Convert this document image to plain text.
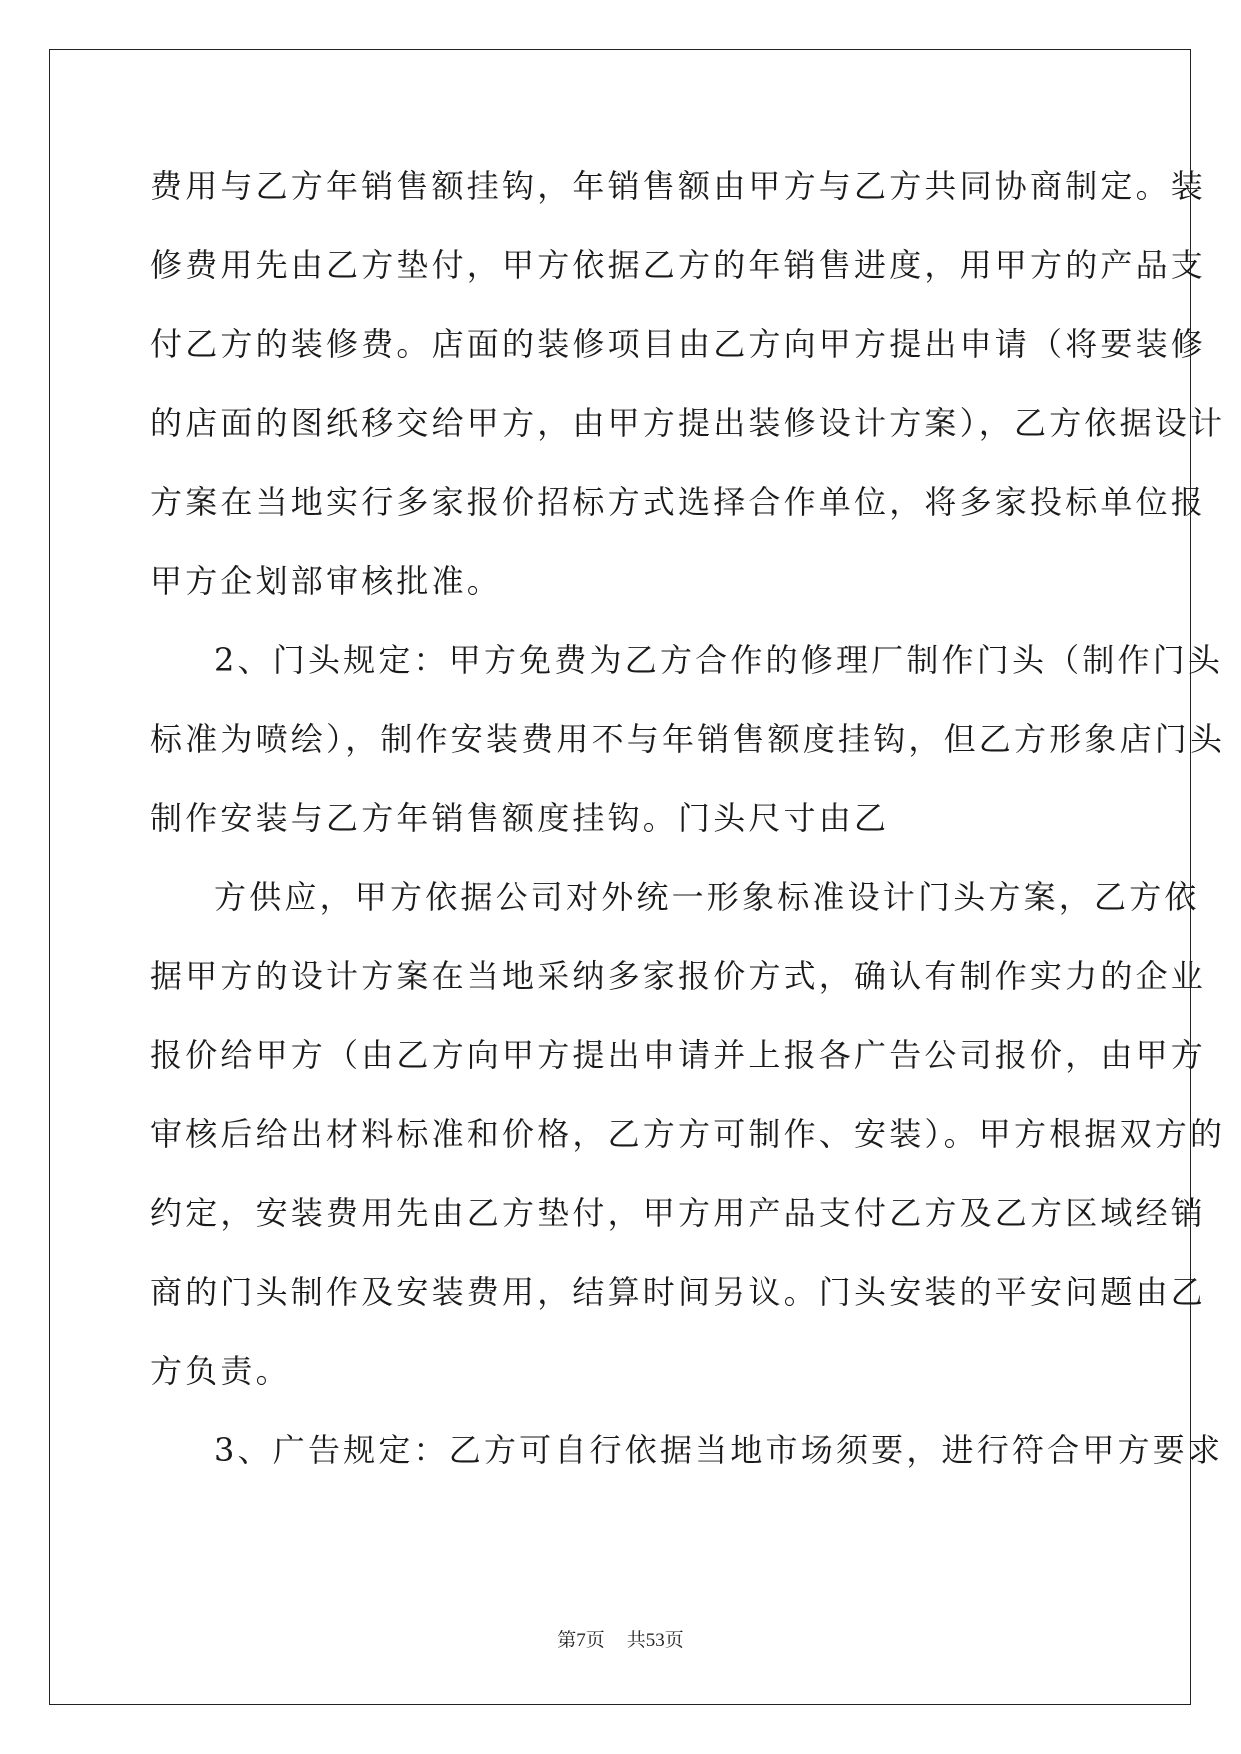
费用与乙方年销售额挂钩，年销售额由甲方与乙方共同协商制定。装
修费用先由乙方垫付，甲方依据乙方的年销售进度，用甲方的产品支
付乙方的装修费。店面的装修项目由乙方向甲方提出申请（将要装修
的店面的图纸移交给甲方，由甲方提出装修设计方案），乙方依据设计
方案在当地实行多家报价招标方式选择合作单位，将多家投标单位报
甲方企划部审核批准。
2、门头规定：甲方免费为乙方合作的修理厂制作门头（制作门头
标准为喷绘），制作安装费用不与年销售额度挂钩，但乙方形象店门头
制作安装与乙方年销售额度挂钩。门头尺寸由乙
方供应，甲方依据公司对外统一形象标准设计门头方案，乙方依
据甲方的设计方案在当地采纳多家报价方式，确认有制作实力的企业
报价给甲方（由乙方向甲方提出申请并上报各广告公司报价，由甲方
审核后给出材料标准和价格，乙方方可制作、安装）。甲方根据双方的
约定，安装费用先由乙方垫付，甲方用产品支付乙方及乙方区域经销
商的门头制作及安装费用，结算时间另议。门头安装的平安问题由乙
方负责。
3、广告规定：乙方可自行依据当地市场须要，进行符合甲方要求
第7页 共53页
